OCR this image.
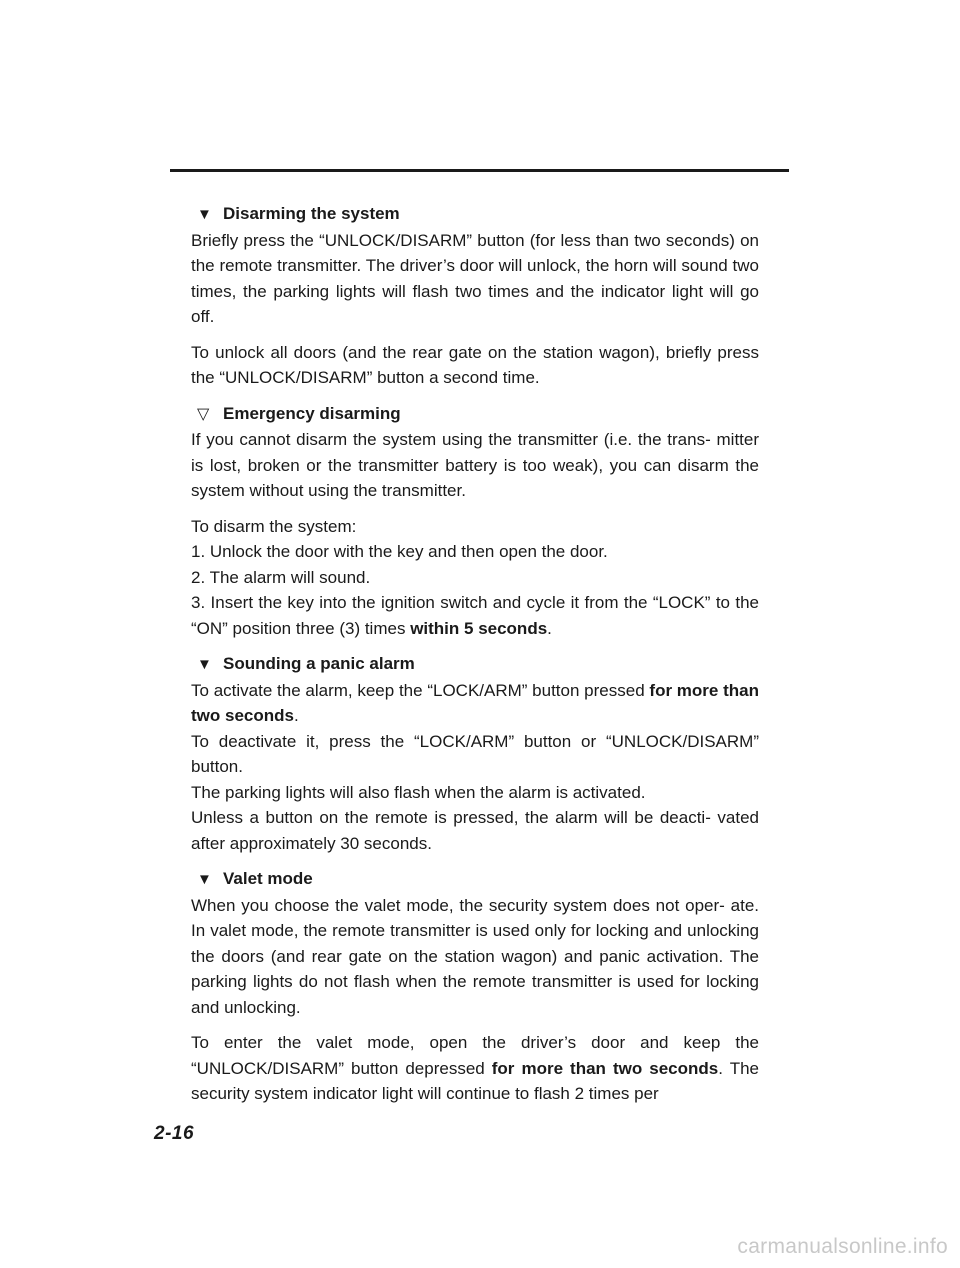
▼ Disarming the system

Briefly press the “UNLOCK/DISARM” button (for less than two seconds) on the remote transmitter. The driver’s door will unlock, the horn will sound two times, the parking lights will flash two times and the indicator light will go off.

To unlock all doors (and the rear gate on the station wagon), briefly press the “UNLOCK/DISARM” button a second time.

▽ Emergency disarming

If you cannot disarm the system using the transmitter (i.e. the trans- mitter is lost, broken or the transmitter battery is too weak), you can disarm the system without using the transmitter.

To disarm the system:

1. Unlock the door with the key and then open the door.

2. The alarm will sound.

3. Insert the key into the ignition switch and cycle it from the “LOCK” to the “ON” position three (3) times within 5 seconds.

▼ Sounding a panic alarm

To activate the alarm, keep the “LOCK/ARM” button pressed for more than two seconds.

To deactivate it, press the “LOCK/ARM” button or “UNLOCK/DISARM” button.

The parking lights will also flash when the alarm is activated.

Unless a button on the remote is pressed, the alarm will be deacti- vated after approximately 30 seconds.

▼ Valet mode

When you choose the valet mode, the security system does not oper- ate. In valet mode, the remote transmitter is used only for locking and unlocking the doors (and rear gate on the station wagon) and panic activation. The parking lights do not flash when the remote transmitter is used for locking and unlocking.

To enter the valet mode, open the driver’s door and keep the “UNLOCK/DISARM” button depressed for more than two seconds. The security system indicator light will continue to flash 2 times per

2-16
carmanualsonline.info
